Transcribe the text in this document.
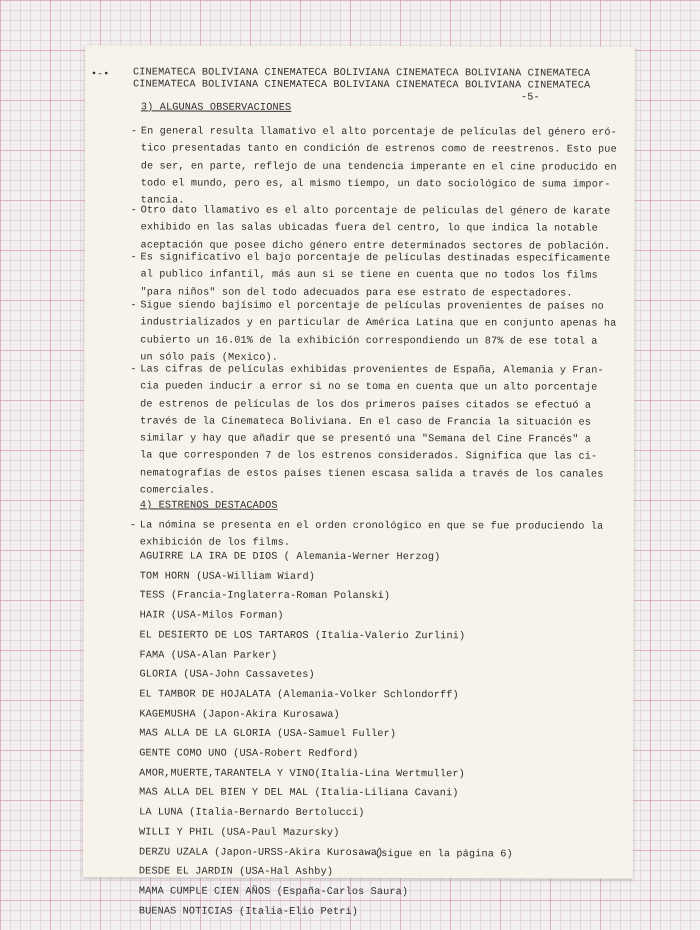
•-• CINEMATECA BOLIVIANA CINEMATECA BOLIVIANA CINEMATECA BOLIVIANA CINEMATECA
CINEMATECA BOLIVIANA CINEMATECA BOLIVIANA CINEMATECA BOLIVIANA CINEMATECA
-5-
3) ALGUNAS OBSERVACIONES
- En general resulta llamativo el alto porcentaje de películas del género eró-
tico presentadas tanto en condición de estrenos como de reestrenos. Esto pue
de ser, en parte, reflejo de una tendencia imperante en el cine producido en
todo el mundo, pero es, al mismo tiempo, un dato sociológico de suma impor-
tancia.
- Otro dato llamativo es el alto porcentaje de películas del género de karate
exhibido en las salas ubicadas fuera del centro, lo que indica la notable
aceptación que posee dicho género entre determinados sectores de población.
- Es significativo el bajo porcentaje de películas destinadas específicamente
al publico infantil, más aun si se tiene en cuenta que no todos los films
"para niños" son del todo adecuados para ese estrato de espectadores.
- Sigue siendo bajísimo el porcentaje de películas provenientes de países no
industrializados y en particular de América Latina que en conjunto apenas ha
cubierto un 16.01% de la exhibición correspondiendo un 87% de ese total a
un sólo país (Mexico).
- Las cifras de películas exhibidas provenientes de España, Alemania y Fran-
cia pueden inducir a error si no se toma en cuenta que un alto porcentaje
de estrenos de películas de los dos primeros países citados se efectuó a
través de la Cinemateca Boliviana. En el caso de Francia la situación es
similar y hay que añadir que se presentó una "Semana del Cine Francés" a
la que corresponden 7 de los estrenos considerados. Significa que las ci-
nematografías de estos países tienen escasa salida a través de los canales
comerciales.
4) ESTRENOS DESTACADOS
- La nómina se presenta en el orden cronológico en que se fue produciendo la
exhibición de los films.
AGUIRRE LA IRA DE DIOS ( Alemania-Werner Herzog)
TOM HORN (USA-William Wiard)
TESS (Francia-Inglaterra-Roman Polanski)
HAIR (USA-Milos Forman)
EL DESIERTO DE LOS TARTAROS (Italia-Valerio Zurlini)
FAMA (USA-Alan Parker)
GLORIA (USA-John Cassavetes)
EL TAMBOR DE HOJALATA (Alemania-Volker Schlondorff)
KAGEMUSHA (Japon-Akira Kurosawa)
MAS ALLA DE LA GLORIA (USA-Samuel Fuller)
GENTE COMO UNO (USA-Robert Redford)
AMOR,MUERTE,TARANTELA Y VINO(Italia-Lina Wertmuller)
MAS ALLA DEL BIEN Y DEL MAL (Italia-Liliana Cavani)
LA LUNA (Italia-Bernardo Bertolucci)
WILLI Y PHIL (USA-Paul Mazursky)
DERZU UZALA (Japon-URSS-Akira Kurosawa)
DESDE EL JARDIN (USA-Hal Ashby)
MAMA CUMPLE CIEN AÑOS (España-Carlos Saura)
BUENAS NOTICIAS (Italia-Elio Petri)
(sigue en la página 6)
